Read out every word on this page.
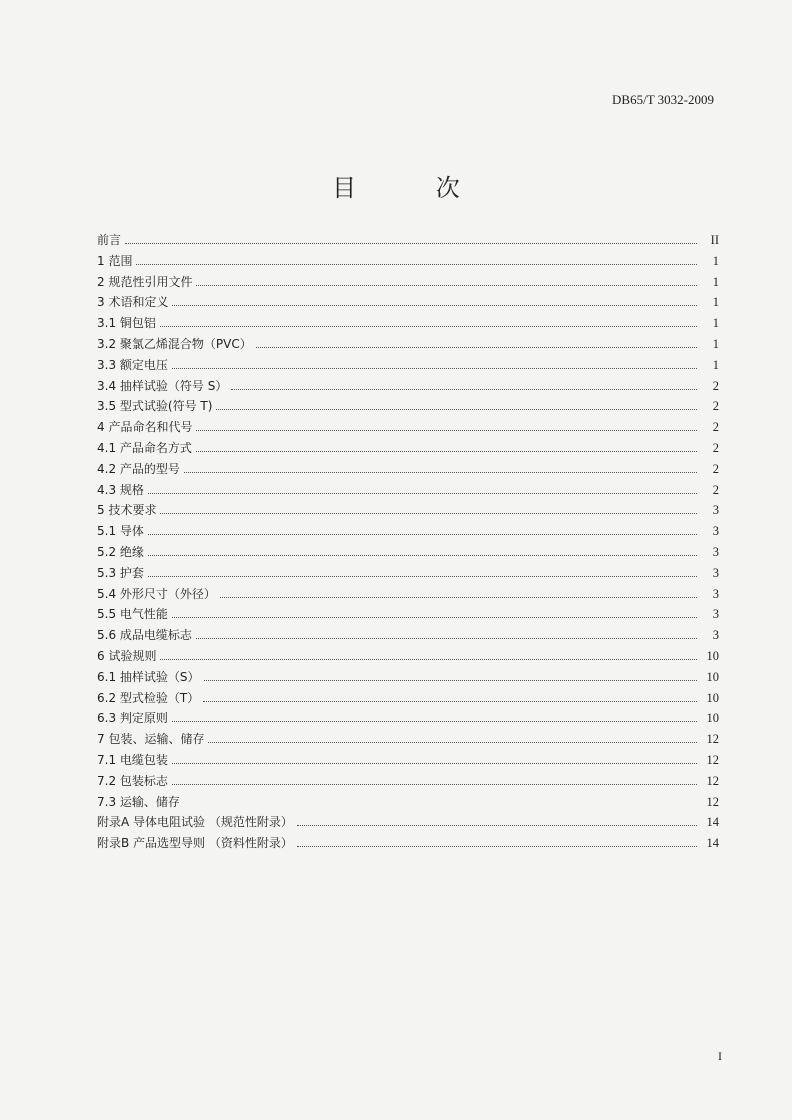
DB65/T 3032-2009
目 次
前言	II
1 范围	1
2 规范性引用文件	1
3 术语和定义	1
3.1 铜包铝	1
3.2 聚氯乙烯混合物（PVC）	1
3.3 额定电压	1
3.4 抽样试验（符号 S）	2
3.5 型式试验(符号 T)	2
4 产品命名和代号	2
4.1 产品命名方式	2
4.2 产品的型号	2
4.3 规格	2
5 技术要求	3
5.1 导体	3
5.2 绝缘	3
5.3 护套	3
5.4 外形尺寸（外径）	3
5.5 电气性能	3
5.6 成品电缆标志	3
6 试验规则	10
6.1 抽样试验（S）	10
6.2 型式检验（T）	10
6.3 判定原则	10
7 包装、运输、储存	12
7.1 电缆包装	12
7.2 包装标志	12
7.3 运输、储存	12
附录A 导体电阻试验 （规范性附录）	14
附录B 产品选型导则 （资料性附录）	14
I
